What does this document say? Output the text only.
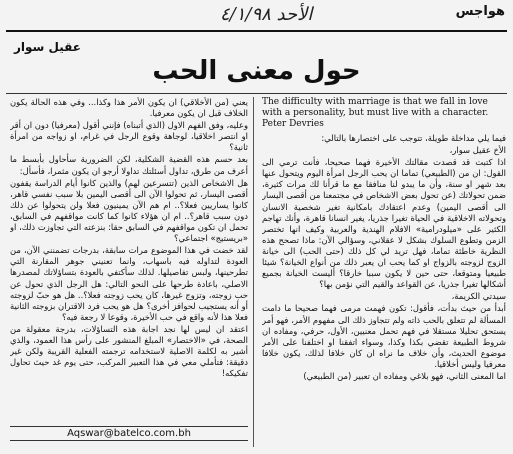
هواجس
الأحد ٤/١/٩٨
عقيل سوار
حول معنى الحب
The difficulty with marriage is that we fall in love with a personality, but must live with a character.
Peter Devries

فيما يلي مداخلة طويلة، تتوجب على اختصارها بالتالي:

الأخ عقيل سوار،

اذا كتبت قد قصدت مقالتك الأخيرة فهما صحيحا، فأنت ترمي الى القول: ان من (الطبيعي) تماما ان يحب الرجل امرأة اليوم ويتحول عنها بعد شهر او سنة، وأن ما يبدو لنا منافقا مع ما قرأنا لك مرات كثيرة، ضمن تحولاتك (عن تحول بعض الاشخاص في مجتمعنا من أقصى اليسار الى أقصى اليمين) وعدم اعتقادك بامكانية تغير شخصية الانسان وتحولاته الاخلاقية في الحياة تغيرا جذريا، يغير انسانا قاهرة، وأنك تهاجم الكثير على «ميلودرامية» الافلام الهندية والعربية وكيف انها تختصر الزمن وتطوع السلوك بشكل لا عقلاني، وسؤالي الآن: ماذا تصحح هذه النظرية خاطئة تماما، فهل تريد لي كل ذلك (حتى الحب) الى خيانة الزوج لزوجته بالزواج او كما يحب ان يعبر ذلك من أنواع الخيانة؟ شيئا طبيعيا ومتوقعا، حتى حين لا يكون سببا خارقا؟ أليست الخيانة بجميع أشكالها تغيرا جذريا، عن القواعد والقيم التي نؤمن بها؟

سيدتي الكريمة،

أبدأ من حيث بدأت، فأقول: تكون فهمت مرمى فهما صحيحا ما دامت المسألة لم تتعلق بالحب ذاته ولم تتجاوز ذلك الى مفهوم الأمر، فهو أمر يستحق تحليلا مستقلا في فهم تحمل معنيين، الأول، حرفي، ومفاده ان شروط الطبيعة تقضي بكذا وكذا، وسواء اتفقنا او اختلفنا على الأمر موضوع الحديث، وأن خلاف ما نراه ان كان خلافا لذلك، يكون خلافا معرفيا وليس أخلاقيا.

اما المعنى الثاني، فهو بلاغي ومفاده ان تعبير (من الطبيعي)

يعني (من الأخلاقي) ان يكون الأمر هذا وكذا... وفي هذه الحالة يكون الخلاف قبل ان يكون معرفيا.

وعليه، وفق الفهم الاول (الذي أتبناه) فإنني أقول (معرفيا) دون ان أقر او انتصر اخلاقيا، لوجاهة وقوع الرجل في غرام، او زواجه من امرأة ثانية؟

بعد حسم هذه القضية الشكلية، لكن الضرورية سأحاول بأبسط ما أعرف من طرق، تداول أسئلتك تداولا أرجو ان يكون مثمرا، فأسأل:

هل الاشخاص الذين (تتسرعين لهم) والذين كانوا أيام الدراسة يقفون أقصى اليسار، ثم تحولوا الآن الى أقصى اليمين بلا سبب نفسي قاهر، كانوا يساريين فعلا؟.. ام هم الآن يمينيون فعلا ولن يتحولوا عن ذلك دون سبب قاهر؟.. ام ان هؤلاء كانوا كما كانت مواقفهم في السابق، تحمل ان تكون مواقفهم في السابق حقا: بنزعته التي تجاوزت ذلك، او «بريستيج» اجتماعي؟

لقد خضت في هذا الموضوع مرات سابقة، بدرجات تضمنني الآن، من العودة لتداوله فيه باسهاب، وانما تعنيني جوهر المقارنة التي تطرحينها، ولبس تفاصيلها. لذلك سأكتفي بالعودة بتساؤلاتك لمصدرها الاصلي، باعادة طرحها على النحو التالي: هل الرجل الذي تحول عن حب زوجته، وتزوج غيرها، كان يحب زوجته فعلا؟.. هل هو حبّ لزوجته أو أنه يستجيب لحوافز أخرى؟ هل هو يحب فرد الاقتران بزوجته الثانية فعلا هذا لأنه واقع في حب الأخيرة، وقوعا لا رجعة فيه؟

اعتقد ان ليس لها نجد اجابة هذه التساؤلات، بدرجة معقولة من الصحة، في «الاختصار» المبلغ المنشور على رأس هذا العمود، والذي أشير به لكلمة الاصلية لاستخدامه ترجمته الفعلية القريبة ولكن غير دقيقة: فتأملي معي في هذا التعبير المركب، حتى يوم غد حيث تحاول تفكيكه!

Aqswar@batelco.com.bh
